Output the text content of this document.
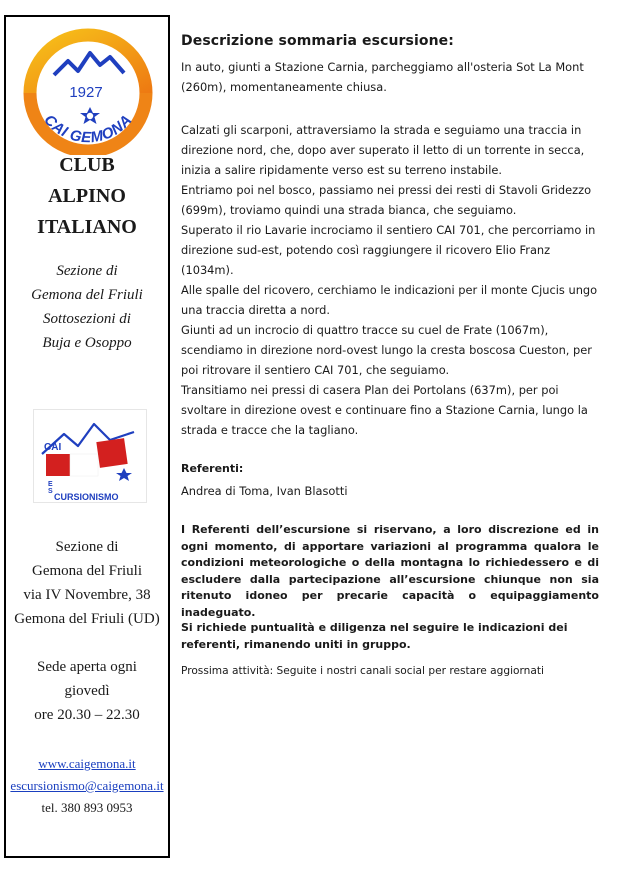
1927
CAI GEMONA
CLUB
ALPINO
ITALIANO
Sezione di
Gemona del Friuli
Sottosezioni di
Buja e Osoppo
CAI
E
S
CURSIONISMO
Sezione di
Gemona del Friuli
via IV Novembre, 38
Gemona del Friuli (UD)
Sede aperta ogni
giovedì
ore 20.30 – 22.30
www.caigemona.it
escursionismo@caigemona.it
tel. 380 893 0953
Descrizione sommaria escursione:

In auto, giunti a Stazione Carnia, parcheggiamo all'osteria Sot La Mont (260m), momentaneamente chiusa.

Calzati gli scarponi, attraversiamo la strada e seguiamo una traccia in direzione nord, che, dopo aver superato il letto di un torrente in secca, inizia a salire ripidamente verso est su terreno instabile.

Entriamo poi nel bosco, passiamo nei pressi dei resti di Stavoli Gridezzo (699m), troviamo quindi una strada bianca, che seguiamo.

Superato il rio Lavarie incrociamo il sentiero CAI 701, che percorriamo in direzione sud-est, potendo così raggiungere il ricovero Elio Franz (1034m).

Alle spalle del ricovero, cerchiamo le indicazioni per il monte Cjucis ungo una traccia diretta a nord.

Giunti ad un incrocio di quattro tracce su cuel de Frate (1067m), scendiamo in direzione nord-ovest lungo la cresta boscosa Cueston, per poi ritrovare il sentiero CAI 701, che seguiamo.

Transitiamo nei pressi di casera Plan dei Portolans (637m), per poi svoltare in direzione ovest e continuare fino a Stazione Carnia, lungo la strada e tracce che la tagliano.

Referenti:
Andrea di Toma, Ivan Blasotti
I Referenti dell’escursione si riservano, a loro discrezione ed in ogni momento, di apportare variazioni al programma qualora le condizioni meteorologiche o della montagna lo richiedessero e di escludere dalla partecipazione all’escursione chiunque non sia ritenuto idoneo per precarie capacità o equipaggiamento inadeguato.
Si richiede puntualità e diligenza nel seguire le indicazioni dei referenti, rimanendo uniti in gruppo.
Prossima attività: Seguite i nostri canali social per restare aggiornati
